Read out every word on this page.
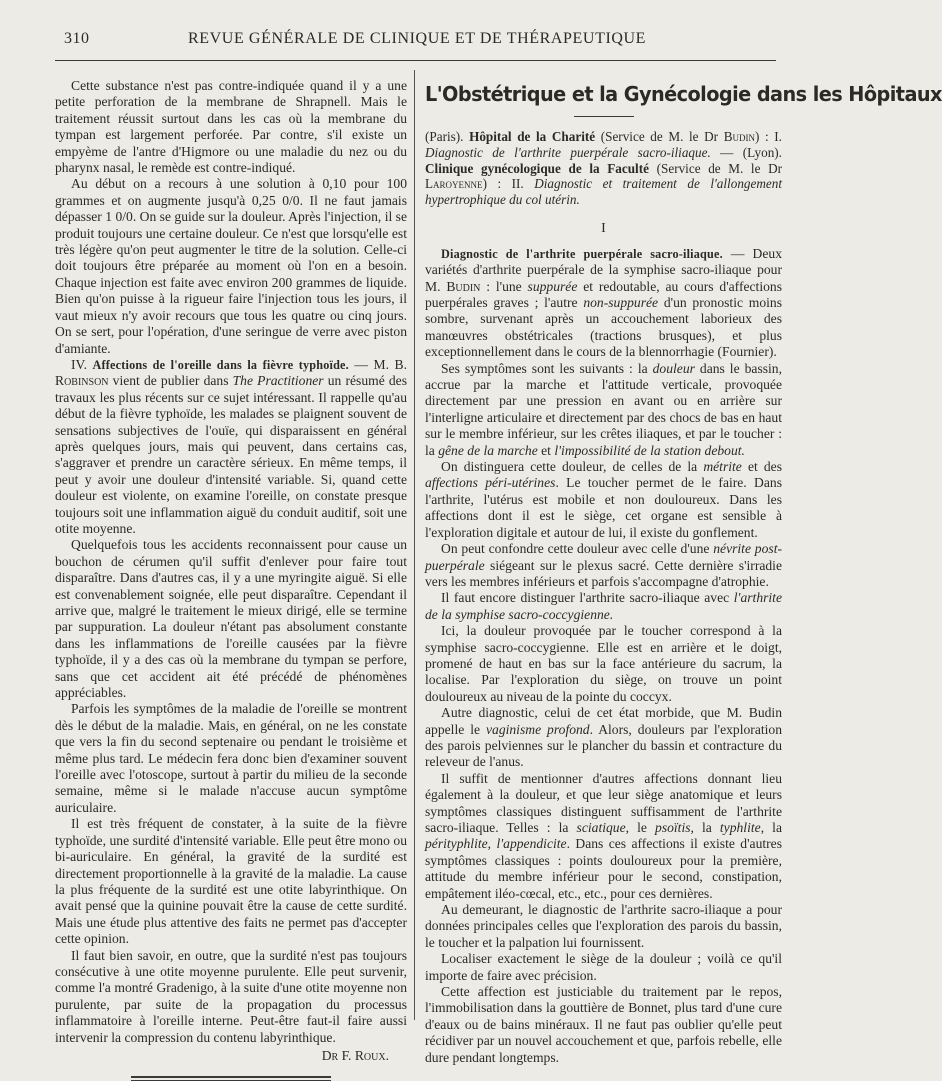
310	REVUE GÉNÉRALE DE CLINIQUE ET DE THÉRAPEUTIQUE

Cette substance n'est pas contre-indiquée quand il y a une petite perforation de la membrane de Shrapnell. Mais le traitement réussit surtout dans les cas où la membrane du tympan est largement perforée. Par contre, s'il existe un empyème de l'antre d'Higmore ou une maladie du nez ou du pharynx nasal, le remède est contre-indiqué.

Au début on a recours à une solution à 0,10 pour 100 grammes et on augmente jusqu'à 0,25 0/0. Il ne faut jamais dépasser 1 0/0. On se guide sur la douleur. Après l'injection, il se produit toujours une certaine douleur. Ce n'est que lorsqu'elle est très légère qu'on peut augmenter le titre de la solution. Celle-ci doit toujours être préparée au moment où l'on en a besoin. Chaque injection est faite avec environ 200 grammes de liquide. Bien qu'on puisse à la rigueur faire l'injection tous les jours, il vaut mieux n'y avoir recours que tous les quatre ou cinq jours. On se sert, pour l'opération, d'une seringue de verre avec piston d'amiante.

IV. Affections de l'oreille dans la fièvre typhoïde. — M. B. Robinson vient de publier dans The Practitioner un résumé des travaux les plus récents sur ce sujet intéressant. Il rappelle qu'au début de la fièvre typhoïde, les malades se plaignent souvent de sensations subjectives de l'ouïe, qui disparaissent en général après quelques jours, mais qui peuvent, dans certains cas, s'aggraver et prendre un caractère sérieux. En même temps, il peut y avoir une douleur d'intensité variable. Si, quand cette douleur est violente, on examine l'oreille, on constate presque toujours soit une inflammation aiguë du conduit auditif, soit une otite moyenne.

Quelquefois tous les accidents reconnaissent pour cause un bouchon de cérumen qu'il suffit d'enlever pour faire tout disparaître. Dans d'autres cas, il y a une myringite aiguë. Si elle est convenablement soignée, elle peut disparaître. Cependant il arrive que, malgré le traitement le mieux dirigé, elle se termine par suppuration. La douleur n'étant pas absolument constante dans les inflammations de l'oreille causées par la fièvre typhoïde, il y a des cas où la membrane du tympan se perfore, sans que cet accident ait été précédé de phénomènes appréciables.

Parfois les symptômes de la maladie de l'oreille se montrent dès le début de la maladie. Mais, en général, on ne les constate que vers la fin du second septenaire ou pendant le troisième et même plus tard. Le médecin fera donc bien d'examiner souvent l'oreille avec l'otoscope, surtout à partir du milieu de la seconde semaine, même si le malade n'accuse aucun symptôme auriculaire.

Il est très fréquent de constater, à la suite de la fièvre typhoïde, une surdité d'intensité variable. Elle peut être mono ou bi-auriculaire. En général, la gravité de la surdité est directement proportionnelle à la gravité de la maladie. La cause la plus fréquente de la surdité est une otite labyrinthique. On avait pensé que la quinine pouvait être la cause de cette surdité. Mais une étude plus attentive des faits ne permet pas d'accepter cette opinion.

Il faut bien savoir, en outre, que la surdité n'est pas toujours consécutive à une otite moyenne purulente. Elle peut survenir, comme l'a montré Gradenigo, à la suite d'une otite moyenne non purulente, par suite de la propagation du processus inflammatoire à l'oreille interne. Peut-être faut-il faire aussi intervenir la compression du contenu labyrinthique.

Dr F. Roux.

L'Obstétrique et la Gynécologie dans les Hôpitaux

(Paris). Hôpital de la Charité (Service de M. le Dr Budin) : I. Diagnostic de l'arthrite puerpérale sacro-iliaque. — (Lyon). Clinique gynécologique de la Faculté (Service de M. le Dr Laroyenne) : II. Diagnostic et traitement de l'allongement hypertrophique du col utérin.

I

Diagnostic de l'arthrite puerpérale sacro-iliaque. — Deux variétés d'arthrite puerpérale de la symphise sacro-iliaque pour M. Budin : l'une suppurée et redoutable, au cours d'affections puerpérales graves ; l'autre non-suppurée d'un pronostic moins sombre, survenant après un accouchement laborieux des manœuvres obstétricales (tractions brusques), et plus exceptionnellement dans le cours de la blennorrhagie (Fournier).

Ses symptômes sont les suivants : la douleur dans le bassin, accrue par la marche et l'attitude verticale, provoquée directement par une pression en avant ou en arrière sur l'interligne articulaire et directement par des chocs de bas en haut sur le membre inférieur, sur les crêtes iliaques, et par le toucher : la gêne de la marche et l'impossibilité de la station debout.

On distinguera cette douleur, de celles de la métrite et des affections péri-utérines. Le toucher permet de le faire. Dans l'arthrite, l'utérus est mobile et non douloureux. Dans les affections dont il est le siège, cet organe est sensible à l'exploration digitale et autour de lui, il existe du gonflement.

On peut confondre cette douleur avec celle d'une névrite post-puerpérale siégeant sur le plexus sacré. Cette dernière s'irradie vers les membres inférieurs et parfois s'accompagne d'atrophie.

Il faut encore distinguer l'arthrite sacro-iliaque avec l'arthrite de la symphise sacro-coccygienne.

Ici, la douleur provoquée par le toucher correspond à la symphise sacro-coccygienne. Elle est en arrière et le doigt, promené de haut en bas sur la face antérieure du sacrum, la localise. Par l'exploration du siège, on trouve un point douloureux au niveau de la pointe du coccyx.

Autre diagnostic, celui de cet état morbide, que M. Budin appelle le vaginisme profond. Alors, douleurs par l'exploration des parois pelviennes sur le plancher du bassin et contracture du releveur de l'anus.

Il suffit de mentionner d'autres affections donnant lieu également à la douleur, et que leur siège anatomique et leurs symptômes classiques distinguent suffisamment de l'arthrite sacro-iliaque. Telles : la sciatique, le psoïtis, la typhlite, la pérityphlite, l'appendicite. Dans ces affections il existe d'autres symptômes classiques : points douloureux pour la première, attitude du membre inférieur pour le second, constipation, empâtement iléo-cœcal, etc., etc., pour ces dernières.

Au demeurant, le diagnostic de l'arthrite sacro-iliaque a pour données principales celles que l'exploration des parois du bassin, le toucher et la palpation lui fournissent.

Localiser exactement le siège de la douleur ; voilà ce qu'il importe de faire avec précision.

Cette affection est justiciable du traitement par le repos, l'immobilisation dans la gouttière de Bonnet, plus tard d'une cure d'eaux ou de bains minéraux. Il ne faut pas oublier qu'elle peut récidiver par un nouvel accouchement et que, parfois rebelle, elle dure pendant longtemps.
